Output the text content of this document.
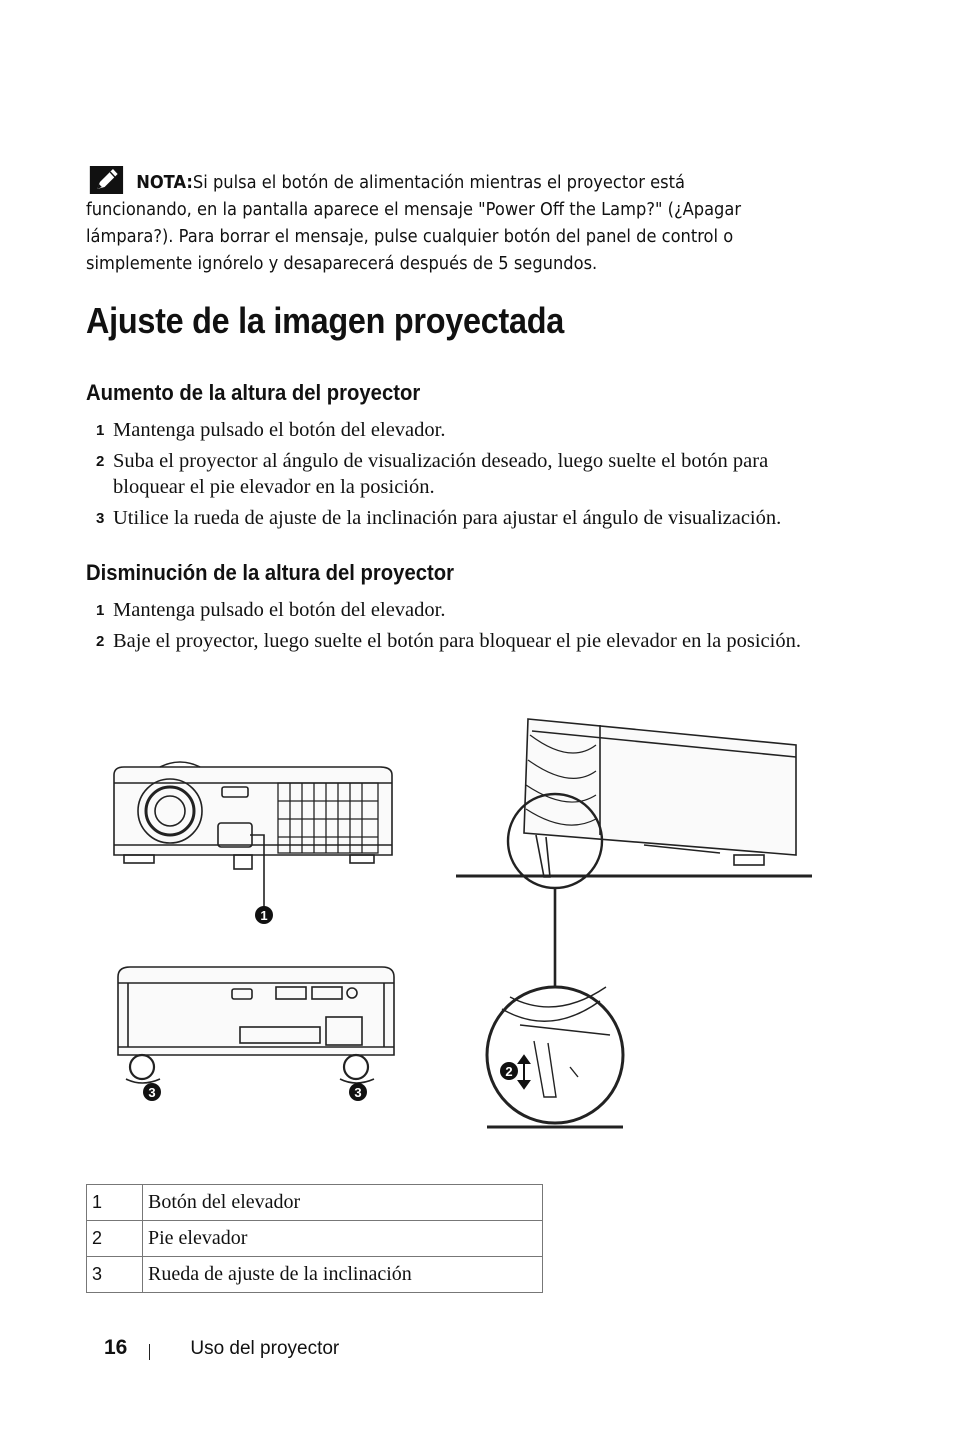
NOTA:Si pulsa el botón de alimentación mientras el proyector está funcionando, en la pantalla aparece el mensaje "Power Off the Lamp?" (¿Apagar lámpara?). Para borrar el mensaje, pulse cualquier botón del panel de control o simplemente ignórelo y desaparecerá después de 5 segundos.
Ajuste de la imagen proyectada
Aumento de la altura del proyector
1 Mantenga pulsado el botón del elevador.
2 Suba el proyector al ángulo de visualización deseado, luego suelte el botón para bloquear el pie elevador en la posición.
3 Utilice la rueda de ajuste de la inclinación para ajustar el ángulo de visualización.
Disminución de la altura del proyector
1 Mantenga pulsado el botón del elevador.
2 Baje el proyector, luego suelte el botón para bloquear el pie elevador en la posición.
1
3	3
2
1	Botón del elevador
2	Pie elevador
3	Rueda de ajuste de la inclinación
16	Uso del proyector
